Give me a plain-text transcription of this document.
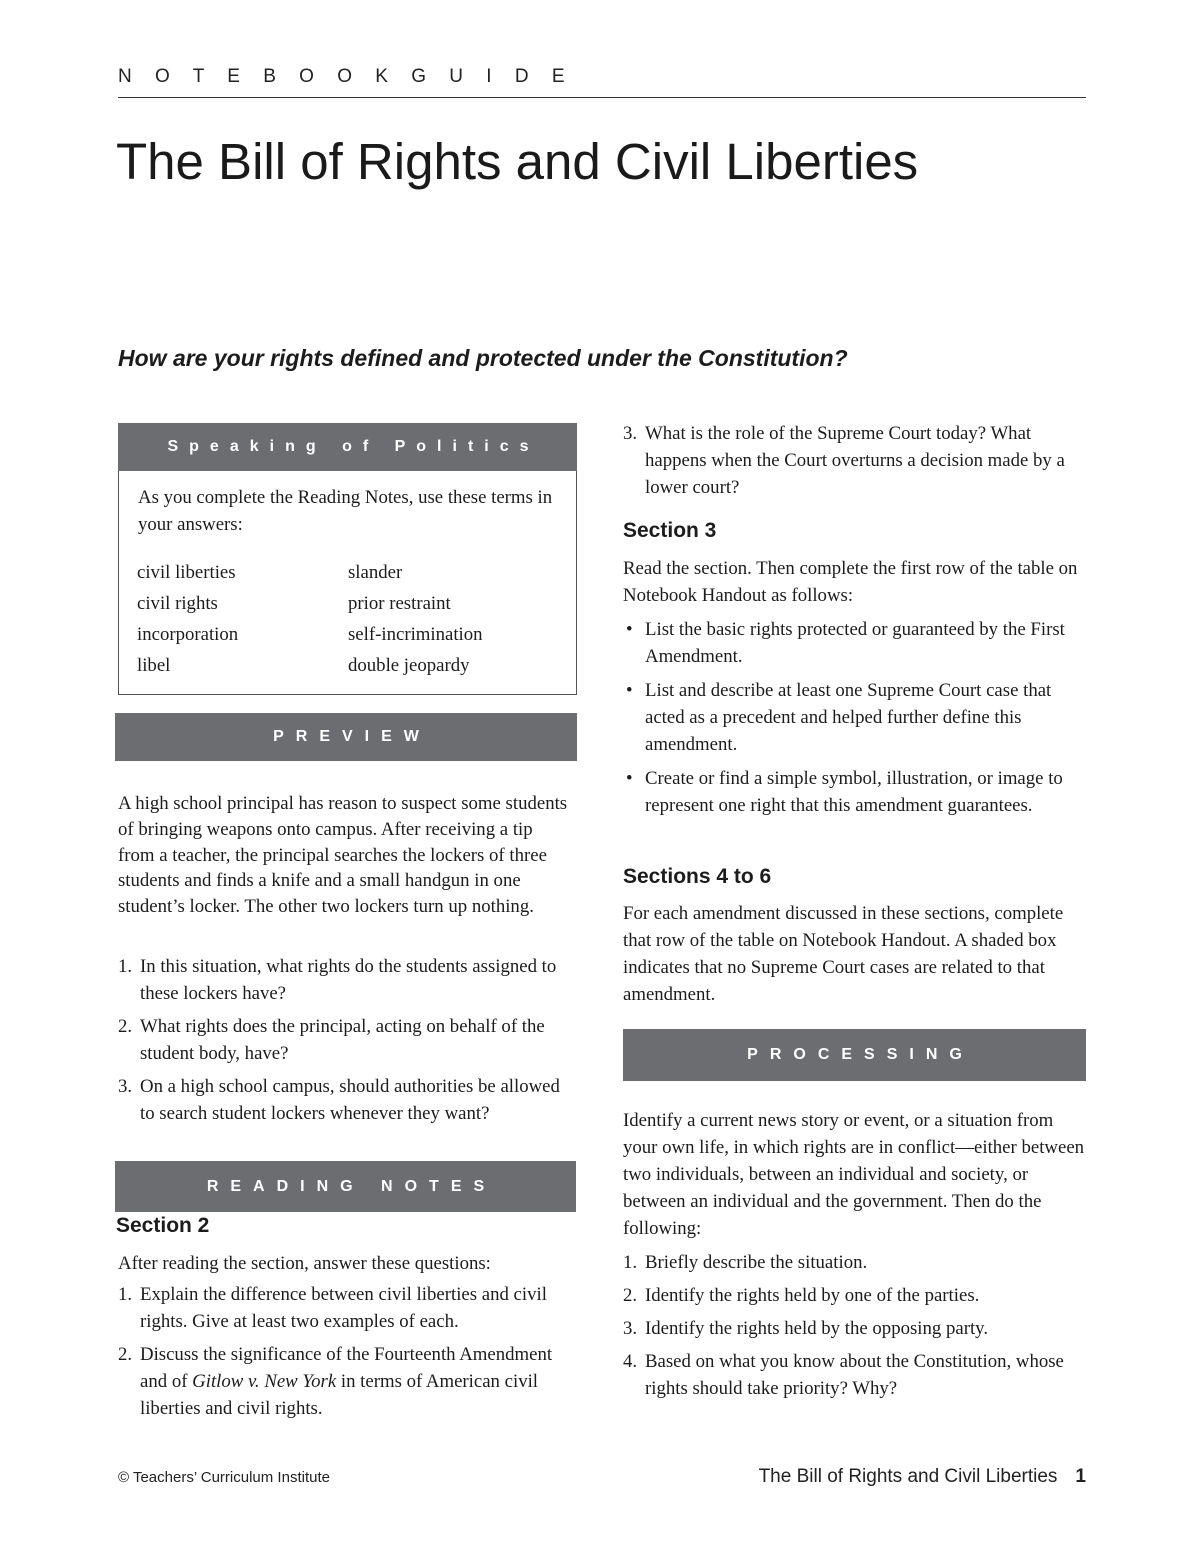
N O T E B O O K G U I D E
The Bill of Rights and Civil Liberties
How are your rights defined and protected under the Constitution?
Speaking of Politics
As you complete the Reading Notes, use these terms in your answers:
civil liberties
civil rights
incorporation
libel
slander
prior restraint
self-incrimination
double jeopardy
PREVIEW
A high school principal has reason to suspect some students of bringing weapons onto campus. After receiving a tip from a teacher, the principal searches the lockers of three students and finds a knife and a small handgun in one student’s locker. The other two lockers turn up nothing.
1. In this situation, what rights do the students assigned to these lockers have?
2. What rights does the principal, acting on behalf of the student body, have?
3. On a high school campus, should authorities be allowed to search student lockers whenever they want?
READING NOTES
Section 2
After reading the section, answer these questions:
1. Explain the difference between civil liberties and civil rights. Give at least two examples of each.
2. Discuss the significance of the Fourteenth Amendment and of Gitlow v. New York in terms of American civil liberties and civil rights.
3. What is the role of the Supreme Court today? What happens when the Court overturns a decision made by a lower court?
Section 3
Read the section. Then complete the first row of the table on Notebook Handout as follows:
• List the basic rights protected or guaranteed by the First Amendment.
• List and describe at least one Supreme Court case that acted as a precedent and helped further define this amendment.
• Create or find a simple symbol, illustration, or image to represent one right that this amendment guarantees.
Sections 4 to 6
For each amendment discussed in these sections, complete that row of the table on Notebook Handout. A shaded box indicates that no Supreme Court cases are related to that amendment.
PROCESSING
Identify a current news story or event, or a situation from your own life, in which rights are in conflict—either between two individuals, between an individual and society, or between an individual and the government. Then do the following:
1. Briefly describe the situation.
2. Identify the rights held by one of the parties.
3. Identify the rights held by the opposing party.
4. Based on what you know about the Constitution, whose rights should take priority? Why?
© Teachers’ Curriculum Institute	The Bill of Rights and Civil Liberties 1
